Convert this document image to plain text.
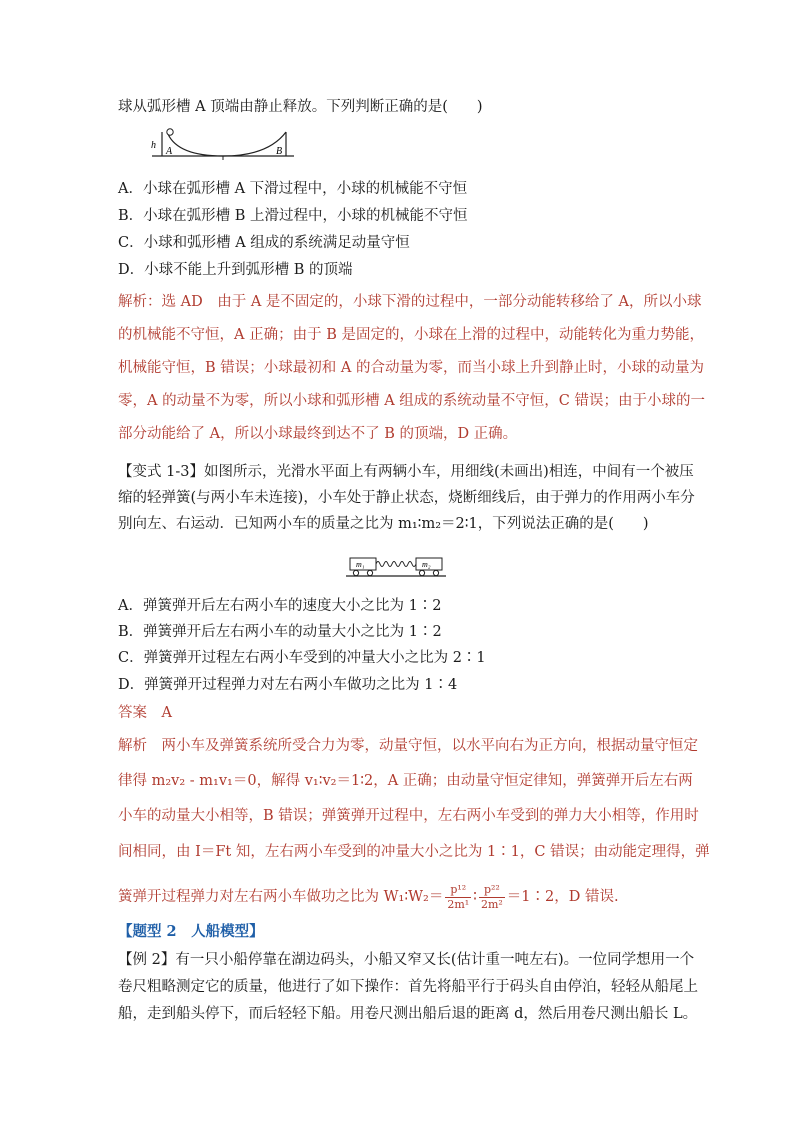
球从弧形槽 A 顶端由静止释放。下列判断正确的是(　　)
h
A	B
A．小球在弧形槽 A 下滑过程中，小球的机械能不守恒
B．小球在弧形槽 B 上滑过程中，小球的机械能不守恒
C．小球和弧形槽 A 组成的系统满足动量守恒
D．小球不能上升到弧形槽 B 的顶端
解析：选 AD　由于 A 是不固定的，小球下滑的过程中，一部分动能转移给了 A，所以小球
的机械能不守恒，A 正确；由于 B 是固定的，小球在上滑的过程中，动能转化为重力势能，
机械能守恒，B 错误；小球最初和 A 的合动量为零，而当小球上升到静止时，小球的动量为
零，A 的动量不为零，所以小球和弧形槽 A 组成的系统动量不守恒，C 错误；由于小球的一
部分动能给了 A，所以小球最终到达不了 B 的顶端，D 正确。
【变式 1-3】如图所示，光滑水平面上有两辆小车，用细线(未画出)相连，中间有一个被压
缩的轻弹簧(与两小车未连接)，小车处于静止状态，烧断细线后，由于弹力的作用两小车分
别向左、右运动．已知两小车的质量之比为 m₁∶m₂＝2∶1，下列说法正确的是(　　)
m₁	m₂
A．弹簧弹开后左右两小车的速度大小之比为 1∶2
B．弹簧弹开后左右两小车的动量大小之比为 1∶2
C．弹簧弹开过程左右两小车受到的冲量大小之比为 2∶1
D．弹簧弹开过程弹力对左右两小车做功之比为 1∶4
答案　A
解析　两小车及弹簧系统所受合力为零，动量守恒，以水平向右为正方向，根据动量守恒定
律得 m₂v₂ - m₁v₁＝0，解得 v₁∶v₂＝1∶2，A 正确；由动量守恒定律知，弹簧弹开后左右两
小车的动量大小相等，B 错误；弹簧弹开过程中，左右两小车受到的弹力大小相等，作用时
间相同，由 I＝Ft 知，左右两小车受到的冲量大小之比为 1∶1，C 错误；由动能定理得，弹
簧弹开过程弹力对左右两小车做功之比为 W₁∶W₂＝ $\frac{\text{p¹²}}{\text{2m¹}}$ ∶ $\frac{\text{p²²}}{\text{2m²}}$ ＝1∶2，D 错误.
【题型 2　人船模型】
【例 2】有一只小船停靠在湖边码头，小船又窄又长(估计重一吨左右)。一位同学想用一个
卷尺粗略测定它的质量，他进行了如下操作：首先将船平行于码头自由停泊，轻轻从船尾上
船，走到船头停下，而后轻轻下船。用卷尺测出船后退的距离 d，然后用卷尺测出船长 L。
